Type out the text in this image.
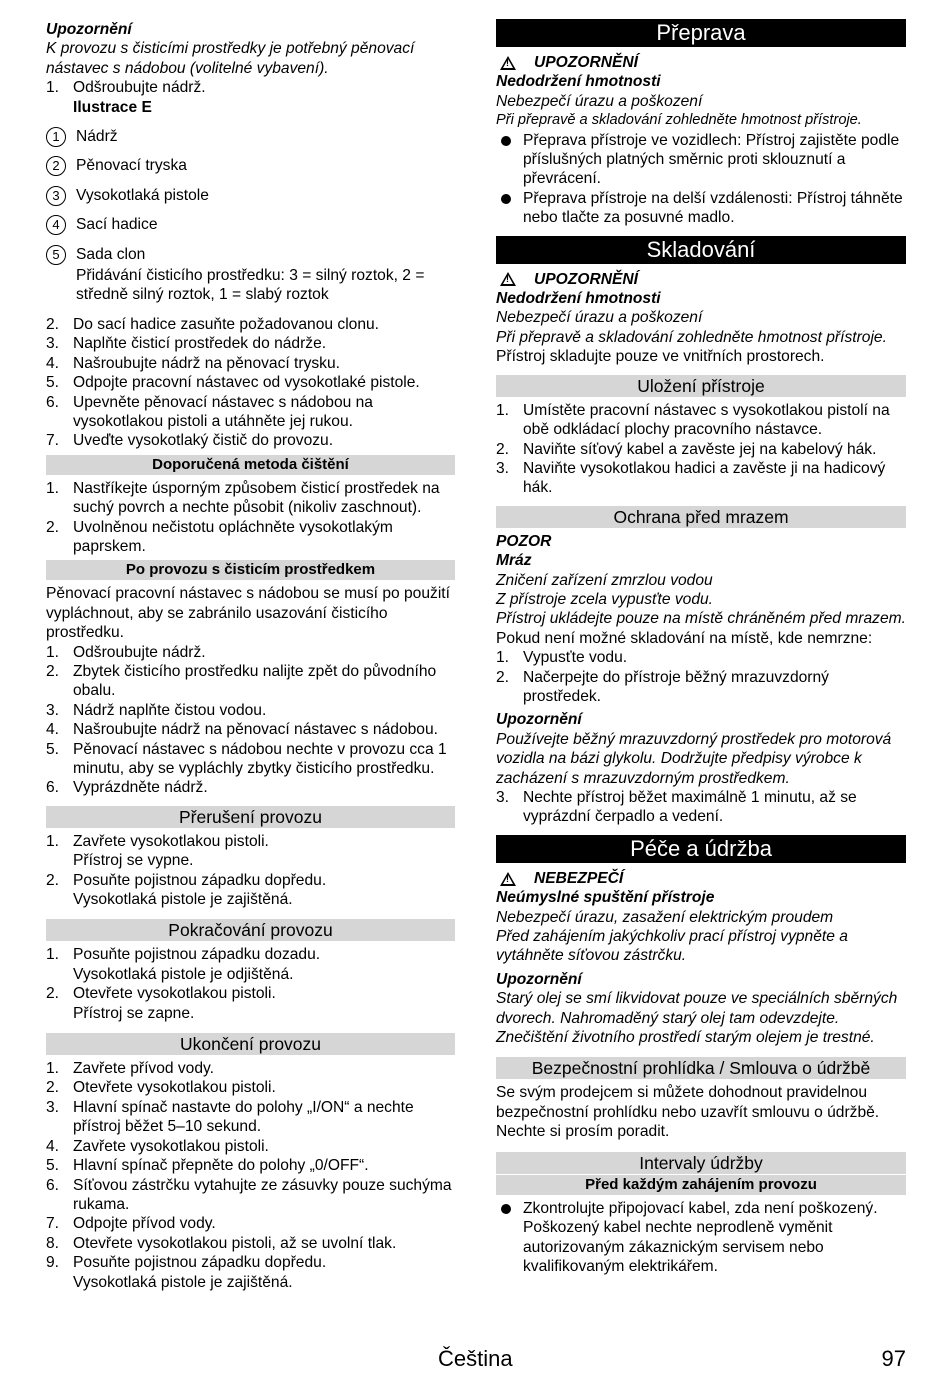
Upozornění

K provozu s čisticími prostředky je potřebný pěnovací nástavec s nádobou (volitelné vybavení).

1. Odšroubujte nádrž.

Ilustrace E

1	Nádrž
2	Pěnovací tryska
3	Vysokotlaká pistole
4	Sací hadice
5	Sada clon

Přidávání čisticího prostředku: 3 = silný roztok, 2 = středně silný roztok, 1 = slabý roztok

2. Do sací hadice zasuňte požadovanou clonu.
3. Naplňte čisticí prostředek do nádrže.
4. Našroubujte nádrž na pěnovací trysku.
5. Odpojte pracovní nástavec od vysokotlaké pistole.
6. Upevněte pěnovací nástavec s nádobou na vysokotlakou pistoli a utáhněte jej rukou.
7. Uveďte vysokotlaký čistič do provozu.
Doporučená metoda čištění
1. Nastříkejte úsporným způsobem čisticí prostředek na suchý povrch a nechte působit (nikoliv zaschnout).
2. Uvolněnou nečistotu opláchněte vysokotlakým paprskem.
Po provozu s čisticím prostředkem

Pěnovací pracovní nástavec s nádobou se musí po použití vypláchnout, aby se zabránilo usazování čisticího prostředku.

1. Odšroubujte nádrž.
2. Zbytek čisticího prostředku nalijte zpět do původního obalu.
3. Nádrž naplňte čistou vodou.
4. Našroubujte nádrž na pěnovací nástavec s nádobou.
5. Pěnovací nástavec s nádobou nechte v provozu cca 1 minutu, aby se vypláchly zbytky čisticího prostředku.
6. Vyprázdněte nádrž.
Přerušení provozu
1. Zavřete vysokotlakou pistoli.
Přístroj se vypne.
2. Posuňte pojistnou západku dopředu.
Vysokotlaká pistole je zajištěná.
Pokračování provozu
1. Posuňte pojistnou západku dozadu.
Vysokotlaká pistole je odjištěná.
2. Otevřete vysokotlakou pistoli.
Přístroj se zapne.
Ukončení provozu
1. Zavřete přívod vody.
2. Otevřete vysokotlakou pistoli.
3. Hlavní spínač nastavte do polohy „I/ON“ a nechte přístroj běžet 5–10 sekund.
4. Zavřete vysokotlakou pistoli.
5. Hlavní spínač přepněte do polohy „0/OFF“.
6. Síťovou zástrčku vytahujte ze zásuvky pouze suchýma rukama.
7. Odpojte přívod vody.
8. Otevřete vysokotlakou pistoli, až se uvolní tlak.
9. Posuňte pojistnou západku dopředu.
Vysokotlaká pistole je zajištěná.
Přeprava
!
UPOZORNĚNÍ

Nedodržení hmotnosti

Nebezpečí úrazu a poškození

Při přepravě a skladování zohledněte hmotnost přístroje.

Přeprava přístroje ve vozidlech: Přístroj zajistěte podle příslušných platných směrnic proti sklouznutí a převrácení.
Přeprava přístroje na delší vzdálenosti: Přístroj táhněte nebo tlačte za posuvné madlo.
Skladování
!
UPOZORNĚNÍ

Nedodržení hmotnosti

Nebezpečí úrazu a poškození

Při přepravě a skladování zohledněte hmotnost přístroje.

Přístroj skladujte pouze ve vnitřních prostorech.

Uložení přístroje
1. Umístěte pracovní nástavec s vysokotlakou pistolí na obě odkládací plochy pracovního nástavce.
2. Naviňte síťový kabel a zavěste jej na kabelový hák.
3. Naviňte vysokotlakou hadici a zavěste ji na hadicový hák.
Ochrana před mrazem

POZOR

Mráz

Zničení zařízení zmrzlou vodou

Z přístroje zcela vypusťte vodu.

Přístroj ukládejte pouze na místě chráněném před mrazem.

Pokud není možné skladování na místě, kde nemrzne:

1. Vypusťte vodu.
2. Načerpejte do přístroje běžný mrazuvzdorný prostředek.

Upozornění

Používejte běžný mrazuvzdorný prostředek pro motorová vozidla na bázi glykolu. Dodržujte předpisy výrobce k zacházení s mrazuvzdorným prostředkem.

3. Nechte přístroj běžet maximálně 1 minutu, až se vyprázdní čerpadlo a vedení.
Péče a údržba
!
NEBEZPEČÍ

Neúmyslné spuštění přístroje

Nebezpečí úrazu, zasažení elektrickým proudem

Před zahájením jakýchkoliv prací přístroj vypněte a vytáhněte síťovou zástrčku.

Upozornění

Starý olej se smí likvidovat pouze ve speciálních sběrných dvorech. Nahromaděný starý olej tam odevzdejte. Znečištění životního prostředí starým olejem je trestné.

Bezpečnostní prohlídka / Smlouva o údržbě

Se svým prodejcem si můžete dohodnout pravidelnou bezpečnostní prohlídku nebo uzavřít smlouvu o údržbě. Nechte si prosím poradit.

Intervaly údržby
Před každým zahájením provozu
Zkontrolujte připojovací kabel, zda není poškozený. Poškozený kabel nechte neprodleně vyměnit autorizovaným zákaznickým servisem nebo kvalifikovaným elektrikářem.
Čeština	97
